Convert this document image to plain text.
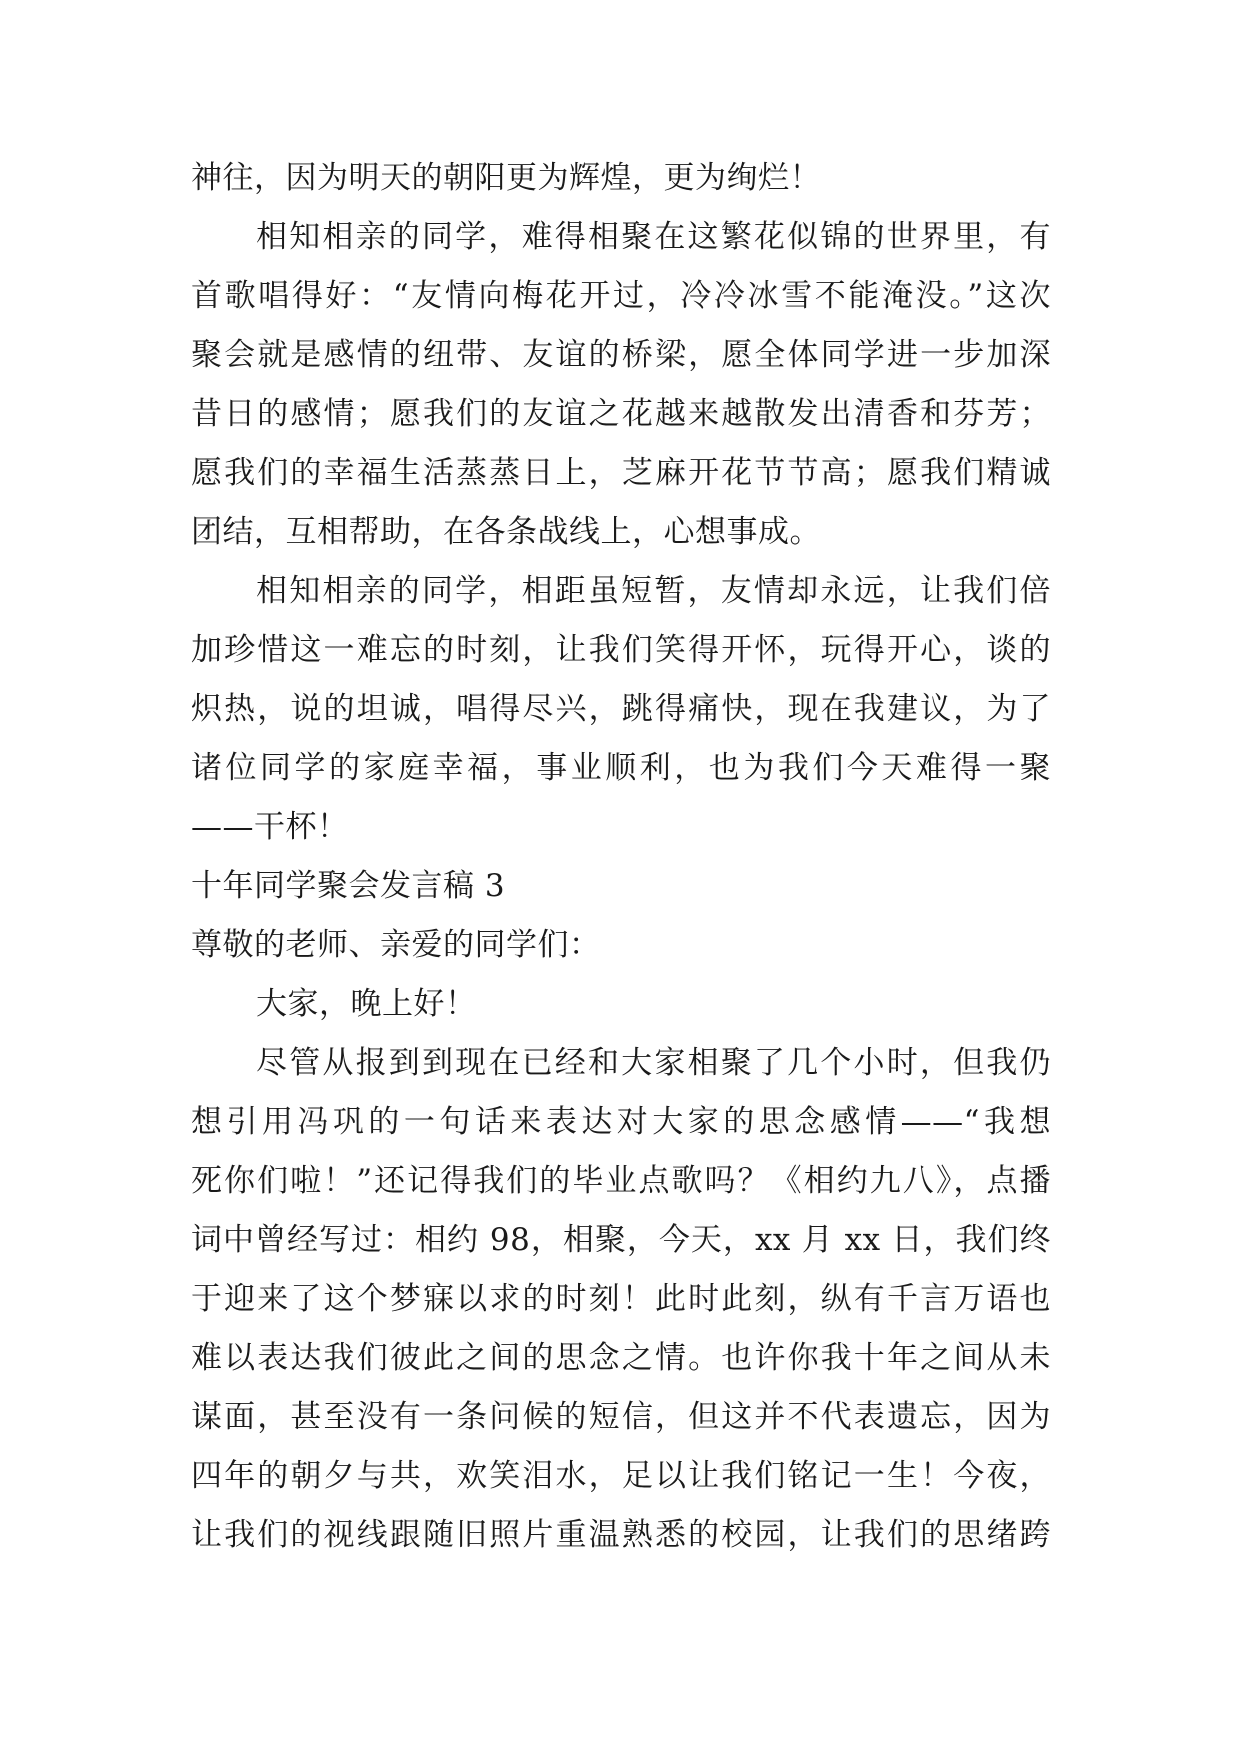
神往，因为明天的朝阳更为辉煌，更为绚烂！
相知相亲的同学，难得相聚在这繁花似锦的世界里，有
首歌唱得好：“友情向梅花开过，冷冷冰雪不能淹没。”这次
聚会就是感情的纽带、友谊的桥梁，愿全体同学进一步加深
昔日的感情；愿我们的友谊之花越来越散发出清香和芬芳；
愿我们的幸福生活蒸蒸日上，芝麻开花节节高；愿我们精诚
团结，互相帮助，在各条战线上，心想事成。
相知相亲的同学，相距虽短暂，友情却永远，让我们倍
加珍惜这一难忘的时刻，让我们笑得开怀，玩得开心，谈的
炽热，说的坦诚，唱得尽兴，跳得痛快，现在我建议，为了
诸位同学的家庭幸福，事业顺利，也为我们今天难得一聚
——干杯！
十年同学聚会发言稿 3
尊敬的老师、亲爱的同学们：
大家，晚上好！
尽管从报到到现在已经和大家相聚了几个小时，但我仍
想引用冯巩的一句话来表达对大家的思念感情——“我想
死你们啦！”还记得我们的毕业点歌吗？《相约九八》，点播
词中曾经写过：相约 98，相聚，今天，xx 月 xx 日，我们终
于迎来了这个梦寐以求的时刻！此时此刻，纵有千言万语也
难以表达我们彼此之间的思念之情。也许你我十年之间从未
谋面，甚至没有一条问候的短信，但这并不代表遗忘，因为
四年的朝夕与共，欢笑泪水，足以让我们铭记一生！今夜，
让我们的视线跟随旧照片重温熟悉的校园，让我们的思绪跨
